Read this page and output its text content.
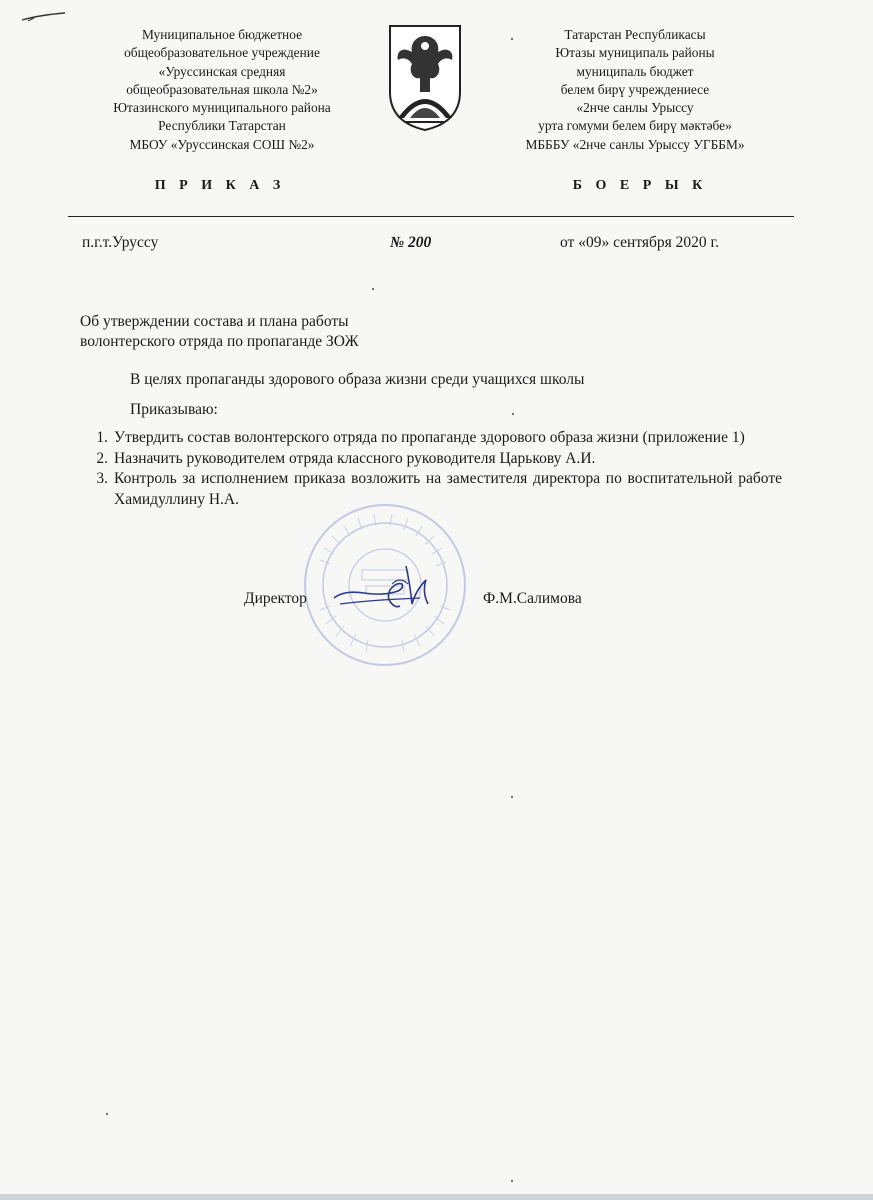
Муниципальное бюджетное
общеобразовательное учреждение
«Уруссинская средняя
общеобразовательная школа №2»
Ютазинского муниципального района
Республики Татарстан
МБОУ «Уруссинская СОШ №2»
Татарстан Республикасы
Ютазы муниципаль районы
муниципаль бюджет
белем бирү учреждениесе
«2нче санлы Урыссу
урта гомуми белем бирү мәктәбе»
МБББУ «2нче санлы Урыссу УГББМ»
П Р И К А З	Б О Е Р Ы К
п.г.т.Уруссу	№ 200	от «09» сентября 2020 г.
Об утверждении состава и плана работы
волонтерского отряда по пропаганде ЗОЖ
В целях пропаганды здорового образа жизни среди учащихся школы
Приказываю:
1. Утвердить состав волонтерского отряда по пропаганде здорового образа жизни (приложение 1)
2. Назначить руководителем отряда классного руководителя Царькову А.И.
3. Контроль за исполнением приказа возложить на заместителя директора по воспитательной работе Хамидуллину Н.А.
Директор	Ф.М.Салимова
